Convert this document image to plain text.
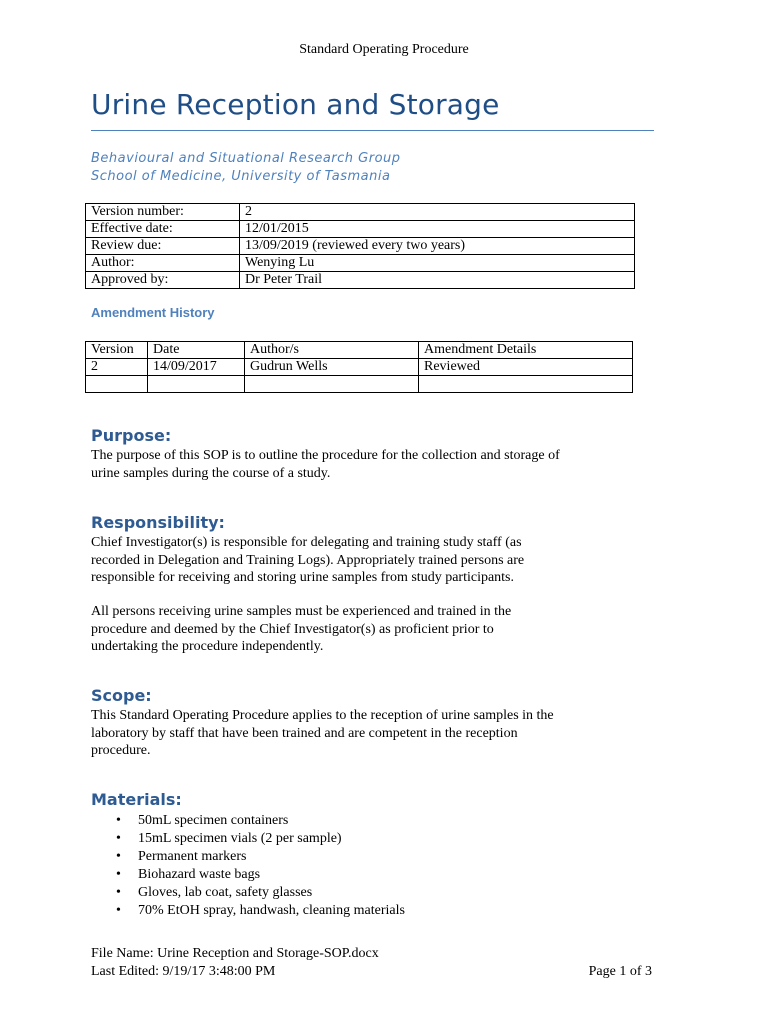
Standard Operating Procedure
Urine Reception and Storage
Behavioural and Situational Research Group
School of Medicine, University of Tasmania
Version number:	2
Effective date:	12/01/2015
Review due:	13/09/2019 (reviewed every two years)
Author:	Wenying Lu
Approved by:	Dr Peter Trail
Amendment History
Version	Date	Author/s	Amendment Details
2	14/09/2017	Gudrun Wells	Reviewed

Purpose:
The purpose of this SOP is to outline the procedure for the collection and storage of
urine samples during the course of a study.
Responsibility:
Chief Investigator(s) is responsible for delegating and training study staff (as
recorded in Delegation and Training Logs). Appropriately trained persons are
responsible for receiving and storing urine samples from study participants.
All persons receiving urine samples must be experienced and trained in the
procedure and deemed by the Chief Investigator(s) as proficient prior to
undertaking the procedure independently.
Scope:
This Standard Operating Procedure applies to the reception of urine samples in the
laboratory by staff that have been trained and are competent in the reception
procedure.
Materials:
• 50mL specimen containers
• 15mL specimen vials (2 per sample)
• Permanent markers
• Biohazard waste bags
• Gloves, lab coat, safety glasses
• 70% EtOH spray, handwash, cleaning materials
File Name: Urine Reception and Storage-SOP.docx
Last Edited: 9/19/17 3:48:00 PM	Page 1 of 3
